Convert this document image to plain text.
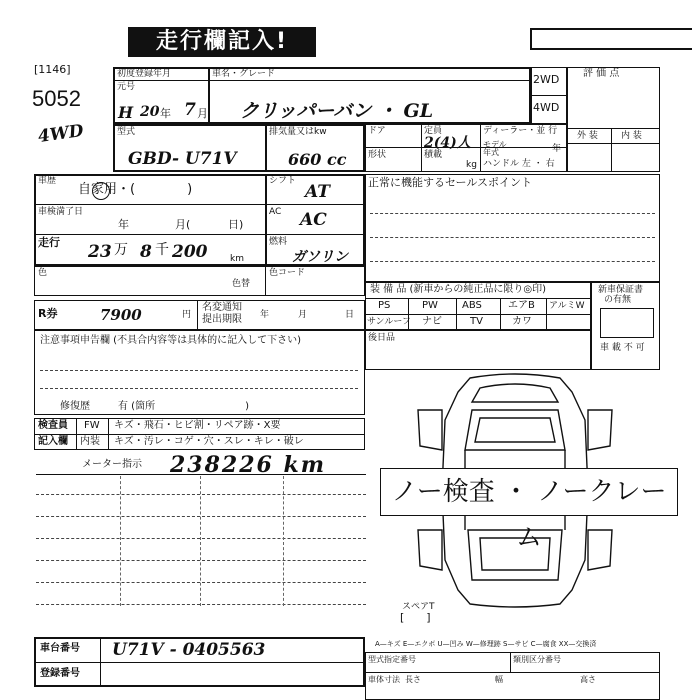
走行欄記入!
[1146]
5052
4WD
初度登録年月
元号
H 20 年 7 月
車名・グレード
クリッパーバン ・ GL
2WD
4WD
評 価 点
外 装	内 装
型式
GBD- U71V
排気量又はkw
660 cc
ドア	定員
2(4)人
ディーラー・並 行
形状	積載
kg
モデル
年式	年
ハンドル 左 ・ 右
車歴
自家用・(　　　　)
シフト
AT
車検満了日
年	月(	日)
AC AC
走行 23 万 8 千 200	km
燃料
ガソリン
色
色替
色コード
正常に機能するセールスポイント
R券	7900	円
名変通知
提出期限 年	月	日
注意事項申告欄 (不具合内容等は具体的に記入して下さい)
修復歴	有 (箇所　　　　　　　　　)
装 備 品 (新車からの純正品に限り◎印)
PS	PW ABS	エアB アルミW
サンルーフ ナビ	TV	カワ
後日品
新車保証書
の有無
車 載 不 可
検査員
記入欄
FW キズ・飛石・ヒビ割・リペア跡・X要
内装 キズ・汚レ・コゲ・穴・スレ・キレ・破レ
メーター指示 238226 km
ノー検査 ・ ノークレーム
スペアT
[　　]
車台番号 U71V - 0405563
登録番号
A—キズ E—エクボ U—凹み W—修理跡 S—サビ C—腐食 XX—交換済
型式指定番号	類別区分番号
車体寸法 長さ	幅	高さ
